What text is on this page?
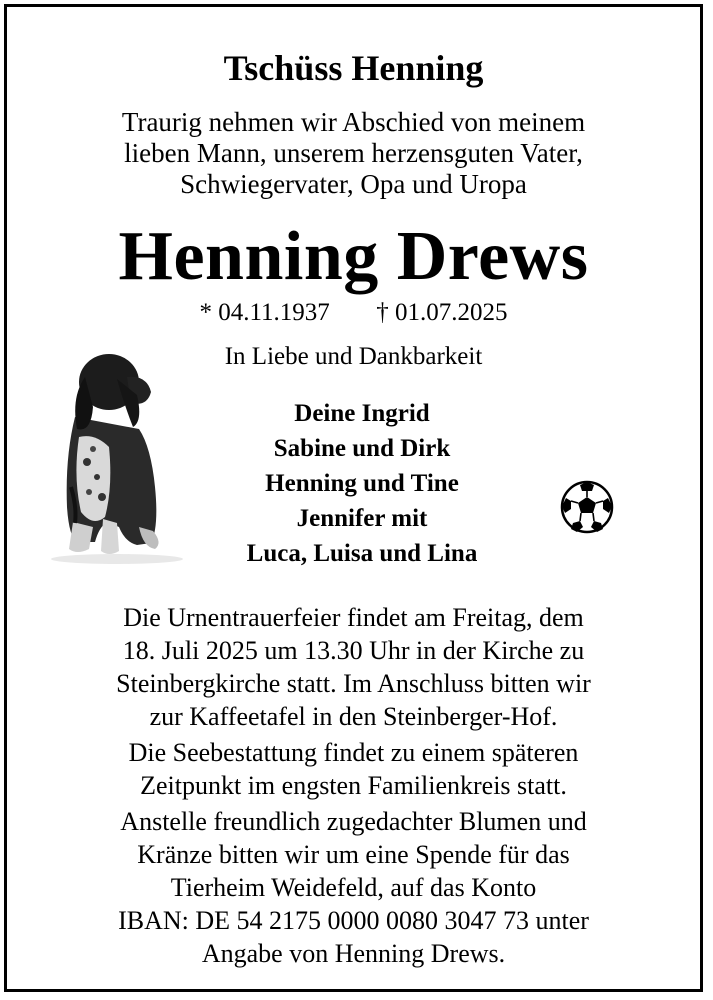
Tschüss Henning
Traurig nehmen wir Abschied von meinem
lieben Mann, unserem herzensguten Vater,
Schwiegervater, Opa und Uropa
Henning Drews
* 04.11.1937 † 01.07.2025
In Liebe und Dankbarkeit
Deine Ingrid
Sabine und Dirk
Henning und Tine
Jennifer mit
Luca, Luisa und Lina
Die Urnentrauerfeier findet am Freitag, dem
18. Juli 2025 um 13.30 Uhr in der Kirche zu
Steinbergkirche statt. Im Anschluss bitten wir
zur Kaffeetafel in den Steinberger-Hof.
Die Seebestattung findet zu einem späteren
Zeitpunkt im engsten Familienkreis statt.
Anstelle freundlich zugedachter Blumen und
Kränze bitten wir um eine Spende für das
Tierheim Weidefeld, auf das Konto
IBAN: DE 54 2175 0000 0080 3047 73 unter
Angabe von Henning Drews.
